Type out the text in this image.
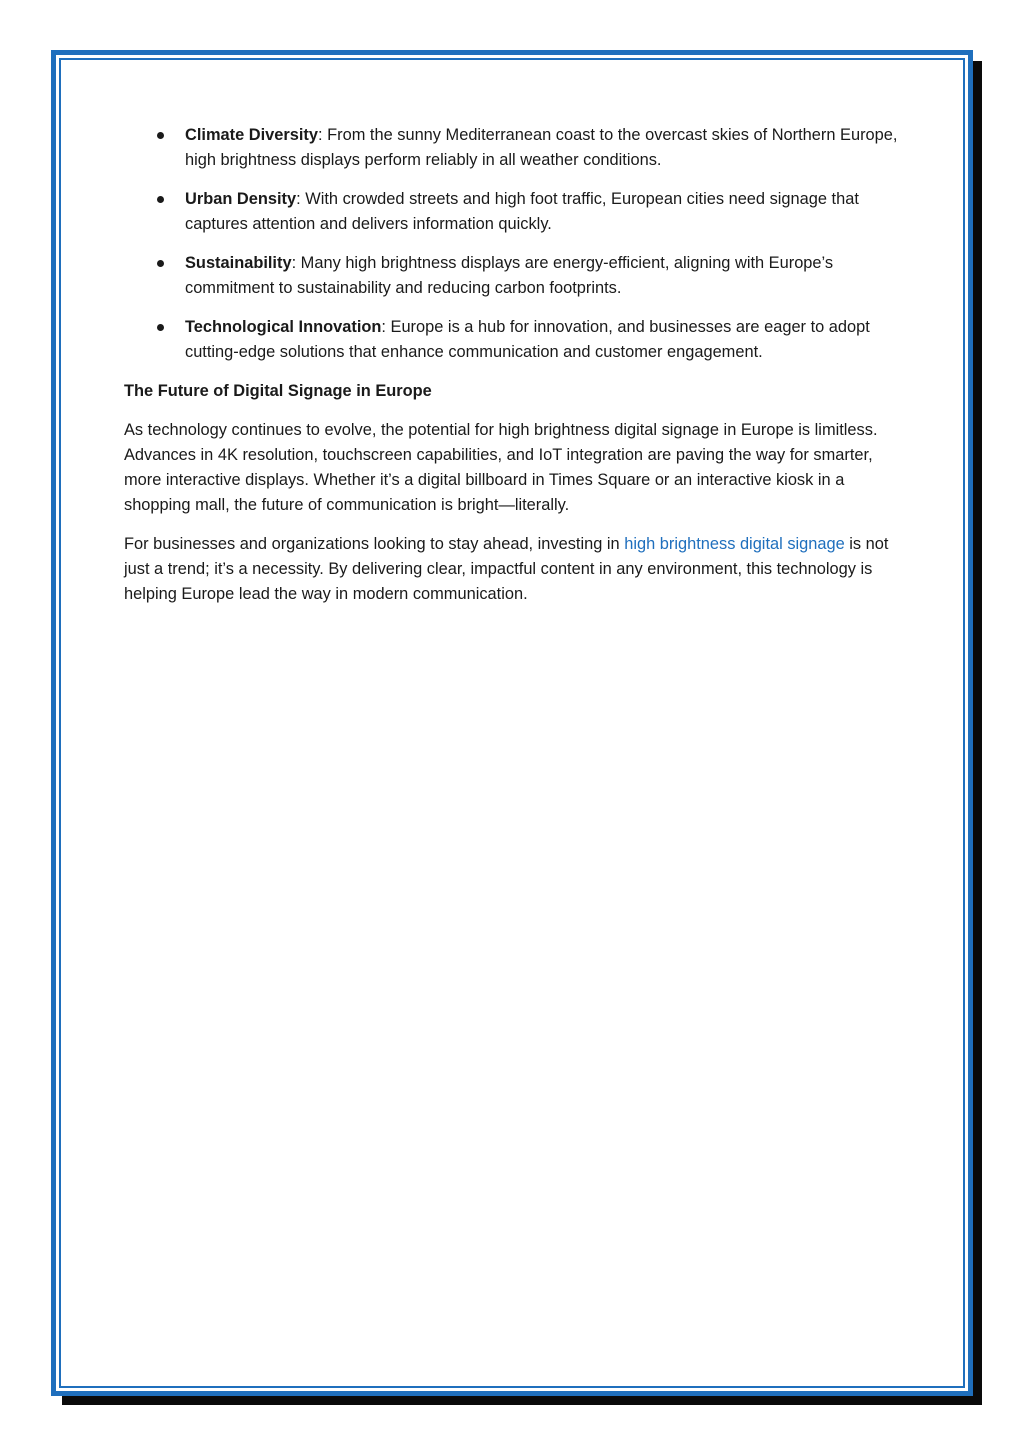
Climate Diversity: From the sunny Mediterranean coast to the overcast skies of Northern Europe, high brightness displays perform reliably in all weather conditions.
Urban Density: With crowded streets and high foot traffic, European cities need signage that captures attention and delivers information quickly.
Sustainability: Many high brightness displays are energy-efficient, aligning with Europe’s commitment to sustainability and reducing carbon footprints.
Technological Innovation: Europe is a hub for innovation, and businesses are eager to adopt cutting-edge solutions that enhance communication and customer engagement.
The Future of Digital Signage in Europe

As technology continues to evolve, the potential for high brightness digital signage in Europe is limitless. Advances in 4K resolution, touchscreen capabilities, and IoT integration are paving the way for smarter, more interactive displays. Whether it’s a digital billboard in Times Square or an interactive kiosk in a shopping mall, the future of communication is bright—literally.

For businesses and organizations looking to stay ahead, investing in high brightness digital signage is not just a trend; it’s a necessity. By delivering clear, impactful content in any environment, this technology is helping Europe lead the way in modern communication.
